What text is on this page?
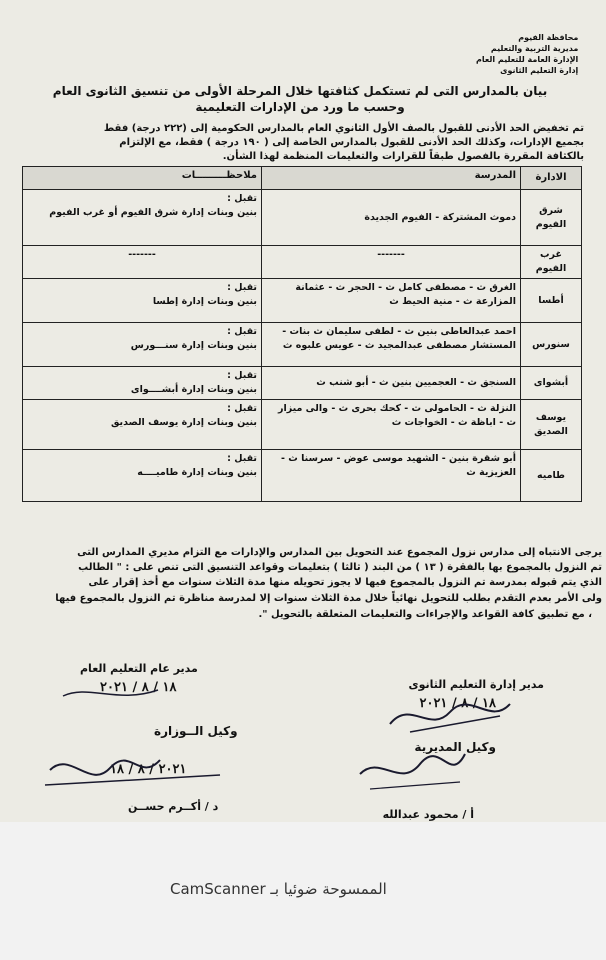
محافظة الفيوم
مديرية التربية والتعليم
الإدارة العامة للتعليم العام
إدارة التعليم الثانوى
بيان بالمدارس التى لم تستكمل كثافتها خلال المرحلة الأولى من تنسيق الثانوى العام
وحسب ما ورد من الإدارات التعليمية
تم تخفيض الحد الأدنى للقبول بالصف الأول الثانوي العام بالمدارس الحكومية إلى (٢٢٢ درجة) فقط
بجميع الإدارات، وكذلك الحد الأدنى للقبول بالمدارس الخاصة إلى ( ١٩٠ درجة ) فقط، مع الإلتزام
بالكثافة المقررة بالفصول طبقاً للقرارات والتعليمات المنظمة لهذا الشأن.
الادارة	المدرسة	ملاحظـــــــــات
شرق الفيوم	دموث المشتركة - الفيوم الجديدة	تقبل :
بنين وبنات إدارة شرق الفيوم أو غرب الفيوم

غرب الفيوم	-------	-------
أطسا	الغرق ث - مصطفى كامل ث - الحجر ث - عثمانة المزارعة ث - منية الحيط ث	تقبل :
بنين وبنات إدارة إطسا

سنورس	احمد عبدالعاطى بنين ث - لطفى سليمان ث بنات - المستشار مصطفى عبدالمجيد ث - عويس علبوه ث	تقبل :
بنين وبنات إدارة سنـــورس

أبشواى	السنجق ث - العجميين بنين ث - أبو شنب ث	تقبل :
بنين وبنات إدارة أبشــــواى

يوسف الصديق	النزلة ث - الحامولى ث - كحك بحرى ث - والى ميزار ث - اباظة ث - الخواجات ث	تقبل :
بنين وبنات إدارة يوسف الصديق

طاميه	أبو شقرة بنين - الشهيد موسى عوض - سرسنا ث - العزيزية ث	تقبل :
بنين وبنات إدارة طاميــــه
يرجى الانتباه إلى مدارس نزول المجموع عند التحويل بين المدارس والإدارات مع التزام مديري المدارس التى
تم النزول بالمجموع بها بالفقرة ( ١٣ ) من البند ( ثالثا ) بتعليمات وقواعد التنسيق التى تنص على : " الطالب
الذي يتم قبوله بمدرسة تم النزول بالمجموع فيها لا يجوز تحويله منها مدة الثلاث سنوات مع أخذ إقرار على
ولى الأمر بعدم التقدم بطلب للتحويل نهائياً خلال مدة الثلاث سنوات إلا لمدرسة مناظرة تم النزول بالمجموع فيها
، مع تطبيق كافة القواعد والإجراءات والتعليمات المتعلقة بالتحويل ".
مدير إدارة التعليم الثانوى
١٨ / ٨ / ٢٠٢١
وكيل المديرية
أ / محمود عبدالله
مدير عام التعليم العام
١٨ / ٨ / ٢٠٢١
وكيل الــوزارة
٢٠٢١ / ٨ / ١٨
د / أكــرم حســن
الممسوحة ضوئيا بـ CamScanner
